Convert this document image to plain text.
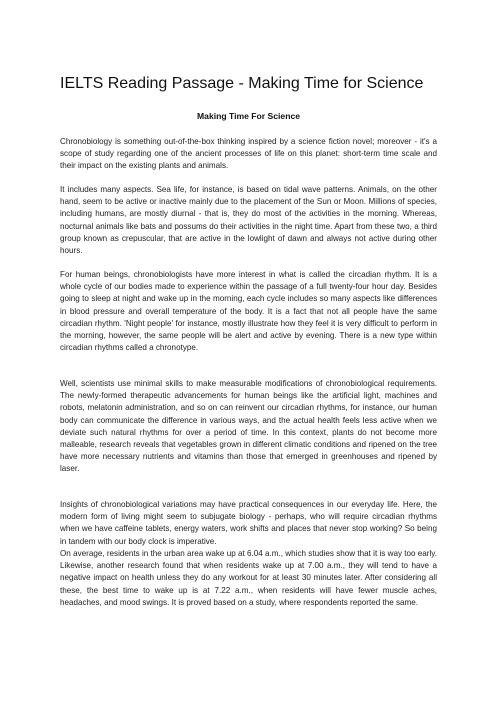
IELTS Reading Passage - Making Time for Science
Making Time For Science

Chronobiology is something out-of-the-box thinking inspired by a science fiction novel; moreover - it's a scope of study regarding one of the ancient processes of life on this planet: short-term time scale and their impact on the existing plants and animals.

It includes many aspects. Sea life, for instance, is based on tidal wave patterns. Animals, on the other hand, seem to be active or inactive mainly due to the placement of the Sun or Moon. Millions of species, including humans, are mostly diurnal - that is, they do most of the activities in the morning. Whereas, nocturnal animals like bats and possums do their activities in the night time. Apart from these two, a third group known as crepuscular, that are active in the lowlight of dawn and always not active during other hours.

For human beings, chronobiologists have more interest in what is called the circadian rhythm. It is a whole cycle of our bodies made to experience within the passage of a full twenty-four hour day. Besides going to sleep at night and wake up in the morning, each cycle includes so many aspects like differences in blood pressure and overall temperature of the body. It is a fact that not all people have the same circadian rhythm. 'Night people' for instance, mostly illustrate how they feel it is very difficult to perform in the morning, however, the same people will be alert and active by evening. There is a new type within circadian rhythms called a chronotype.

Well, scientists use minimal skills to make measurable modifications of chronobiological requirements. The newly-formed therapeutic advancements for human beings like the artificial light, machines and robots, melatonin administration, and so on can reinvent our circadian rhythms, for instance, our human body can communicate the difference in various ways, and the actual health feels less active when we deviate such natural rhythms for over a period of time. In this context, plants do not become more malleable, research reveals that vegetables grown in different climatic conditions and ripened on the tree have more necessary nutrients and vitamins than those that emerged in greenhouses and ripened by laser.

Insights of chronobiological variations may have practical consequences in our everyday life. Here, the modern form of living might seem to subjugate biology - perhaps, who will require circadian rhythms when we have caffeine tablets, energy waters, work shifts and places that never stop working? So being in tandem with our body clock is imperative.

On average, residents in the urban area wake up at 6.04 a.m., which studies show that it is way too early. Likewise, another research found that when residents wake up at 7.00 a.m., they will tend to have a negative impact on health unless they do any workout for at least 30 minutes later. After considering all these, the best time to wake up is at 7.22 a.m., when residents will have fewer muscle aches, headaches, and mood swings. It is proved based on a study, where respondents reported the same.
